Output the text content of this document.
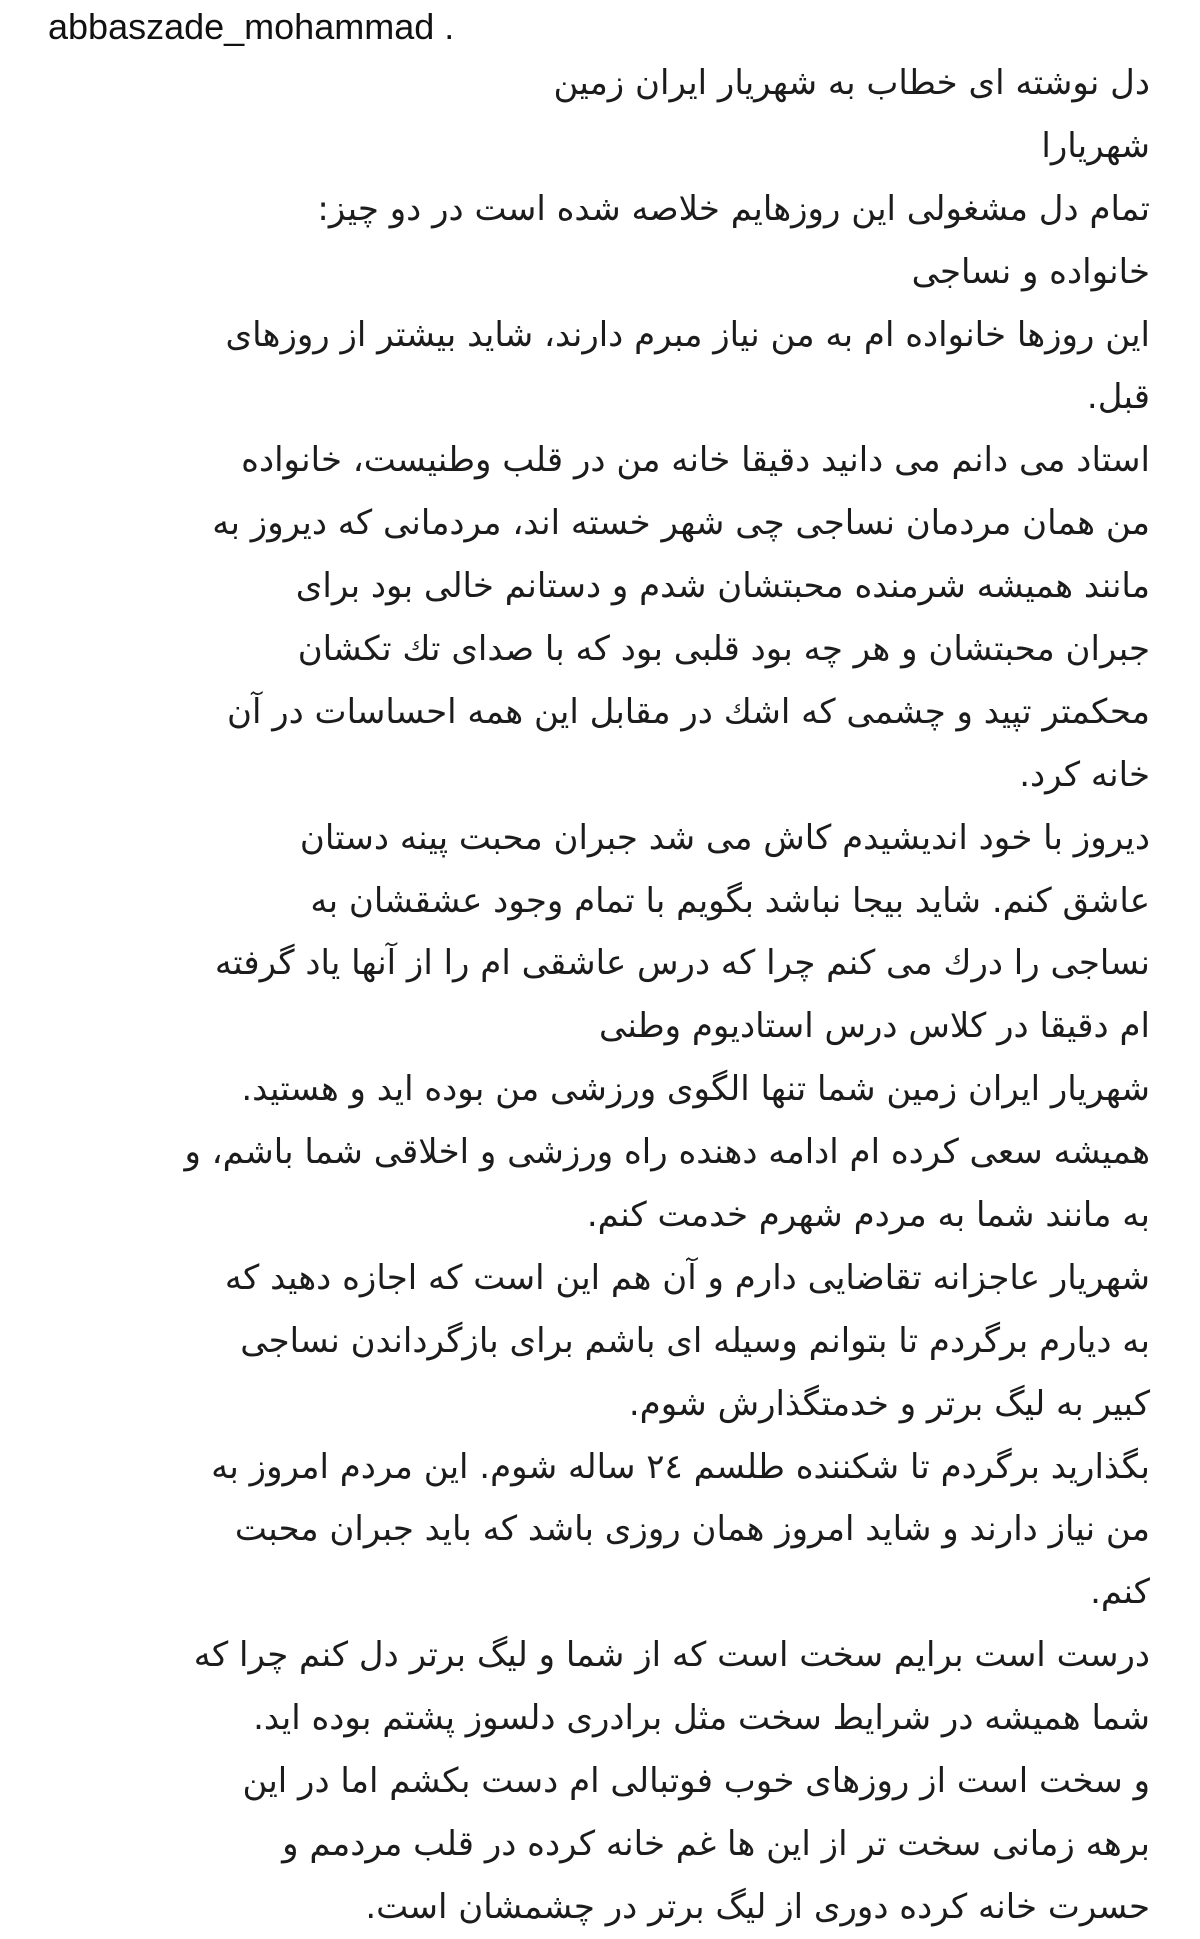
abbaszade_mohammad .
دل نوشته ای خطاب به شهریار ایران زمین
شهریارا
تمام دل مشغولی این روزهایم خلاصه شده است در دو چیز:
خانواده و نساجی
این روزها خانواده ام به من نیاز مبرم دارند، شاید بیشتر از روزهای
قبل.
استاد می دانم می دانید دقیقا خانه من در قلب وطنیست، خانواده
من همان مردمان نساجی چی شهر خسته اند، مردمانی که دیروز به
مانند همیشه شرمنده محبتشان شدم و دستانم خالی بود برای
جبران محبتشان و هر چه بود قلبی بود که با صدای تك تکشان
محکمتر تپید و چشمی که اشك در مقابل این همه احساسات در آن
خانه کرد.
دیروز با خود اندیشیدم کاش می شد جبران محبت پینه دستان
عاشق کنم. شاید بیجا نباشد بگویم با تمام وجود عشقشان به
نساجی را درك می کنم چرا که درس عاشقی ام را از آنها یاد گرفته
ام دقیقا در کلاس درس استادیوم وطنی
شهریار ایران زمین شما تنها الگوی ورزشی من بوده اید و هستید.
همیشه سعی کرده ام ادامه دهنده راه ورزشی و اخلاقی شما باشم، و
به مانند شما به مردم شهرم خدمت کنم.
شهریار عاجزانه تقاضایی دارم و آن هم این است که اجازه دهید که
به دیارم برگردم تا بتوانم وسیله ای باشم برای بازگرداندن نساجی
کبیر به لیگ برتر و خدمتگذارش شوم.
بگذارید برگردم تا شکننده طلسم ٢٤ ساله شوم. این مردم امروز به
من نیاز دارند و شاید امروز همان روزی باشد که باید جبران محبت
کنم.
درست است برایم سخت است که از شما و لیگ برتر دل کنم چرا که
شما همیشه در شرایط سخت مثل برادری دلسوز پشتم بوده اید.
و سخت است از روزهای خوب فوتبالی ام دست بکشم اما در این
برهه زمانی سخت تر از این ها غم خانه کرده در قلب مردمم و
حسرت خانه کرده دوری از لیگ برتر در چشمشان است.
